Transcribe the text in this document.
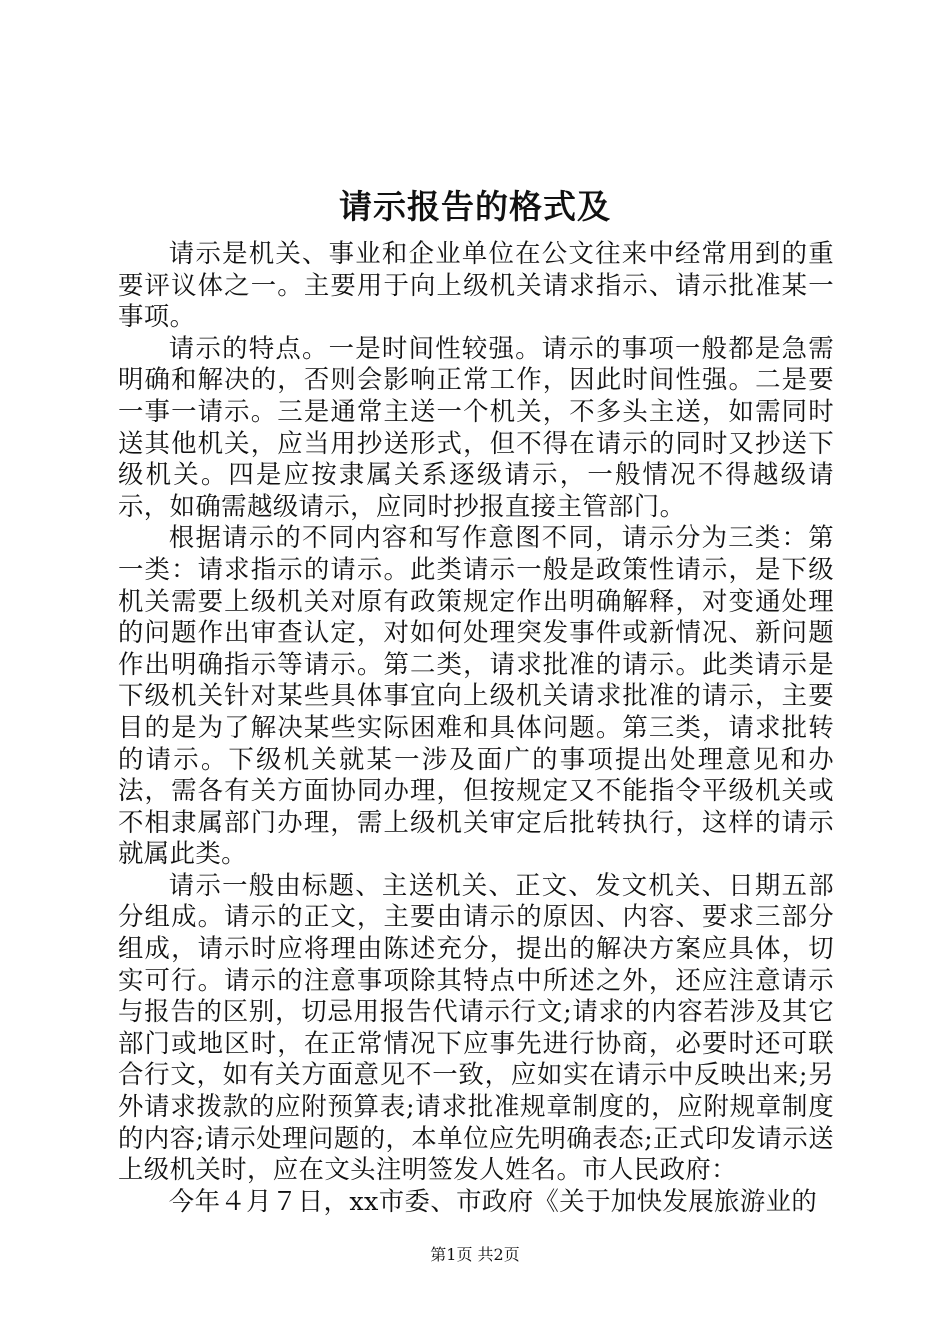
请示报告的格式及

请示是机关、事业和企业单位在公文往来中经常用到的重要评议体之一。主要用于向上级机关请求指示、请示批准某一事项。

请示的特点。一是时间性较强。请示的事项一般都是急需明确和解决的，否则会影响正常工作，因此时间性强。二是要一事一请示。三是通常主送一个机关，不多头主送，如需同时送其他机关，应当用抄送形式，但不得在请示的同时又抄送下级机关。四是应按隶属关系逐级请示，一般情况不得越级请示，如确需越级请示，应同时抄报直接主管部门。

根据请示的不同内容和写作意图不同，请示分为三类：第一类：请求指示的请示。此类请示一般是政策性请示，是下级机关需要上级机关对原有政策规定作出明确解释，对变通处理的问题作出审查认定，对如何处理突发事件或新情况、新问题作出明确指示等请示。第二类，请求批准的请示。此类请示是下级机关针对某些具体事宜向上级机关请求批准的请示，主要目的是为了解决某些实际困难和具体问题。第三类，请求批转的请示。下级机关就某一涉及面广的事项提出处理意见和办法，需各有关方面协同办理，但按规定又不能指令平级机关或不相隶属部门办理，需上级机关审定后批转执行，这样的请示就属此类。

请示一般由标题、主送机关、正文、发文机关、日期五部分组成。请示的正文，主要由请示的原因、内容、要求三部分组成，请示时应将理由陈述充分，提出的解决方案应具体，切实可行。请示的注意事项除其特点中所述之外，还应注意请示与报告的区别，切忌用报告代请示行文;请求的内容若涉及其它部门或地区时，在正常情况下应事先进行协商，必要时还可联合行文，如有关方面意见不一致，应如实在请示中反映出来;另外请求拨款的应附预算表;请求批准规章制度的，应附规章制度的内容;请示处理问题的，本单位应先明确表态;正式印发请示送上级机关时，应在文头注明签发人姓名。市人民政府：

今年４月７日，xx市委、市政府《关于加快发展旅游业的

第1页 共2页
